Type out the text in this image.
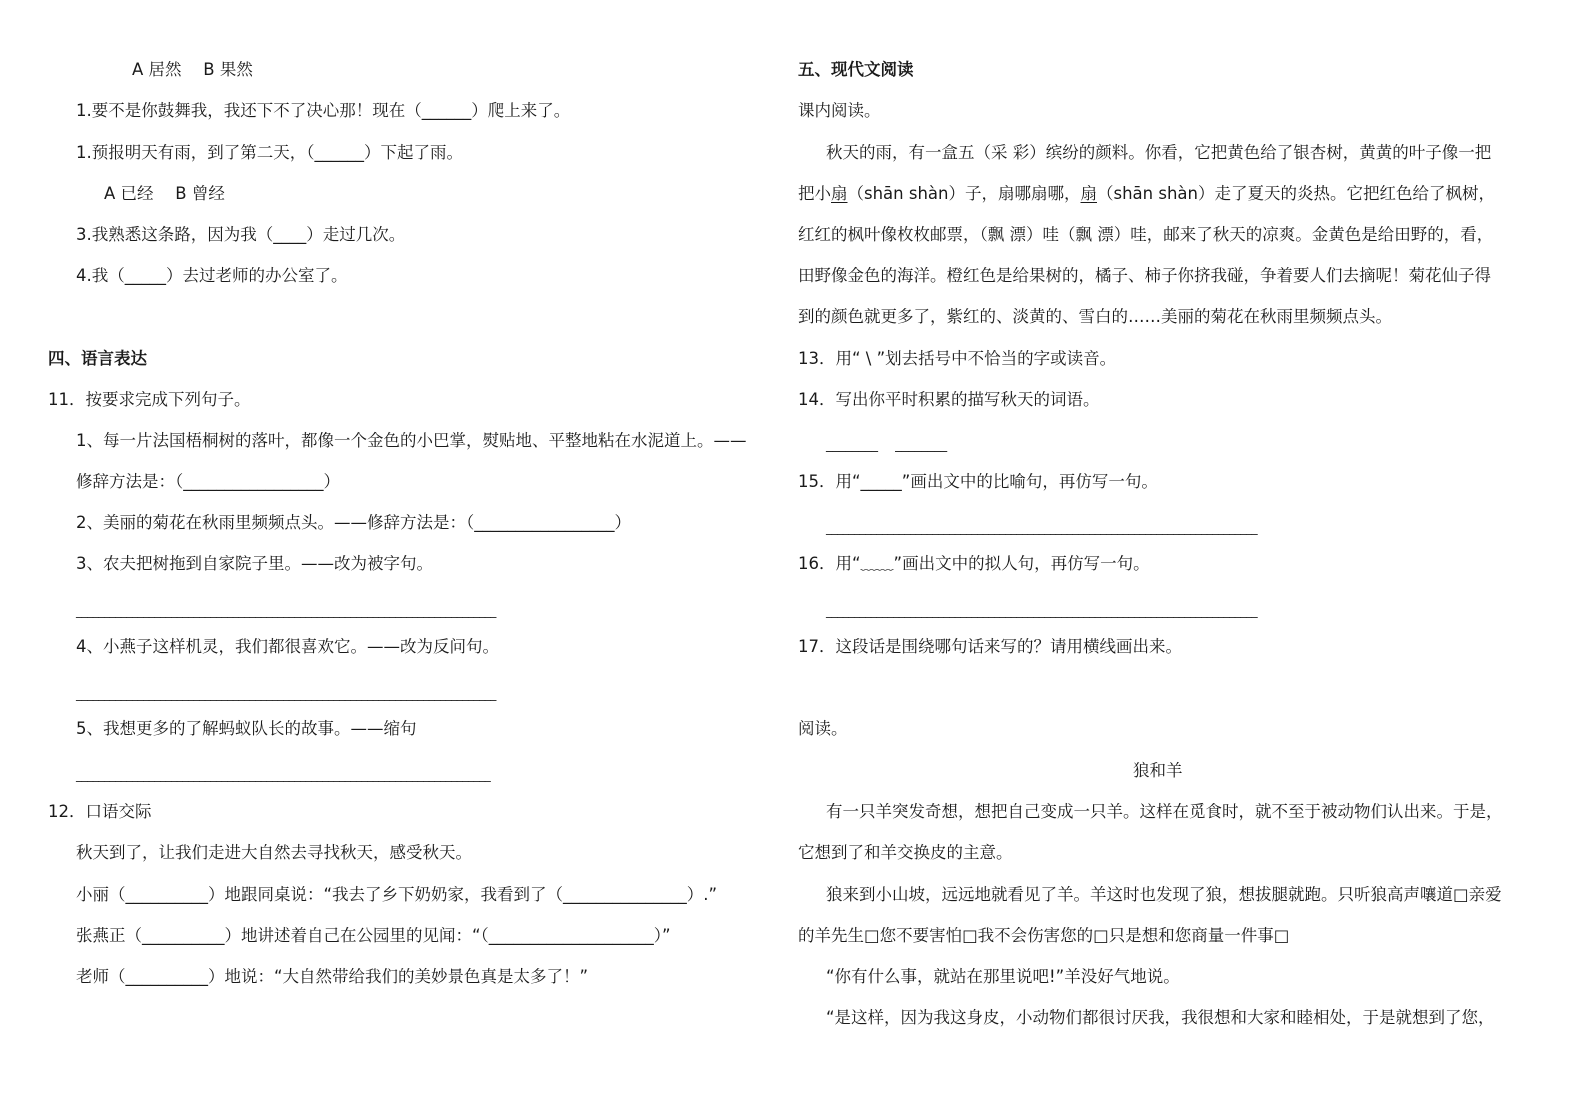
A 居然　 B 果然
1.要不是你鼓舞我，我还下不了决心那！现在（______）爬上来了。
1.预报明天有雨，到了第二天，（______）下起了雨。
A 已经　 B 曾经
3.我熟悉这条路，因为我（____）走过几次。
4.我（_____）去过老师的办公室了。
四、语言表达
11．按要求完成下列句子。
1、每一片法国梧桐树的落叶，都像一个金色的小巴掌，熨贴地、平整地粘在水泥道上。——
修辞方法是：（_________________）
2、美丽的菊花在秋雨里频频点头。——修辞方法是：（_________________）
3、农夫把树拖到自家院子里。——改为被字句。
___________________________________________________________________________
4、小燕子这样机灵，我们都很喜欢它。——改为反问句。
___________________________________________________________________________
5、我想更多的了解蚂蚁队长的故事。——缩句
__________________________________________________________________________
12．口语交际
秋天到了，让我们走进大自然去寻找秋天，感受秋天。
小丽（__________）地跟同桌说：“我去了乡下奶奶家，我看到了（_______________）.”
张燕正（__________）地讲述着自己在公园里的见闻：“（____________________）”
老师（__________）地说：“大自然带给我们的美妙景色真是太多了！”
五、现代文阅读
课内阅读。
秋天的雨，有一盒五（采 彩）缤纷的颜料。你看，它把黄色给了银杏树，黄黄的叶子像一把
把小扇（shān shàn）子，扇哪扇哪，扇（shān shàn）走了夏天的炎热。它把红色给了枫树，
红红的枫叶像枚枚邮票，（飘 漂）哇（飘 漂）哇，邮来了秋天的凉爽。金黄色是给田野的，看，
田野像金色的海洋。橙红色是给果树的，橘子、柿子你挤我碰，争着要人们去摘呢！菊花仙子得
到的颜色就更多了，紫红的、淡黄的、雪白的……美丽的菊花在秋雨里频频点头。
13．用“ \ ”划去括号中不恰当的字或读音。
14．写出你平时积累的描写秋天的词语。
________　 ________
15．用“_____”画出文中的比喻句，再仿写一句。
_____________________________________________________________________________
16．用“﹏﹏”画出文中的拟人句，再仿写一句。
_____________________________________________________________________________
17．这段话是围绕哪句话来写的？请用横线画出来。
阅读。
狼和羊
有一只羊突发奇想，想把自己变成一只羊。这样在觅食时，就不至于被动物们认出来。于是，
它想到了和羊交换皮的主意。
狼来到小山坡，远远地就看见了羊。羊这时也发现了狼，想拔腿就跑。只听狼高声嚷道□亲爱
的羊先生□您不要害怕□我不会伤害您的□只是想和您商量一件事□
“你有什么事，就站在那里说吧!”羊没好气地说。
“是这样，因为我这身皮，小动物们都很讨厌我，我很想和大家和睦相处，于是就想到了您，
